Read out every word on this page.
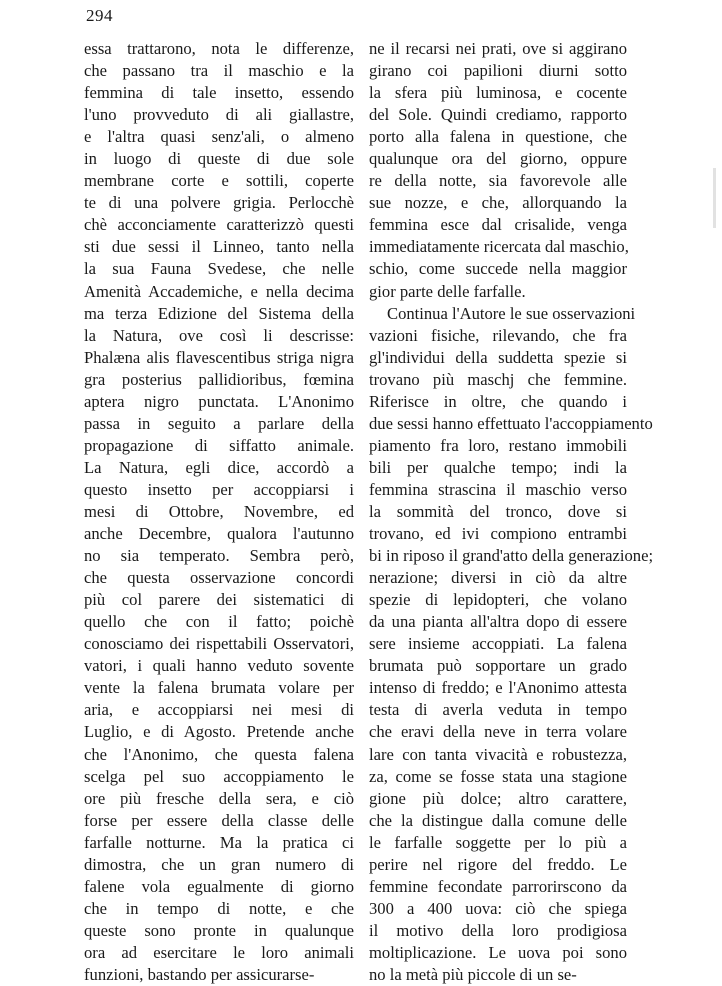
294
essa trattarono, nota le differenze,
che passano tra il maschio e la
femmina di tale insetto, essendo
l'uno provveduto di ali giallastre,
e l'altra quasi senz'ali, o almeno
in luogo di queste di due sole
membrane corte e sottili, coperte
te di una polvere grigia. Perlocchè
chè acconciamente caratterizzò questi
sti due sessi il Linneo, tanto nella
la sua Fauna Svedese, che nelle
Amenità Accademiche, e nella decima
ma terza Edizione del Sistema della
la Natura, ove così li descrisse:
Phalæna alis flavescentibus striga nigra
gra posterius pallidioribus, fœmina
aptera nigro punctata. L'Anonimo
passa in seguito a parlare della
propagazione di siffatto animale.
La Natura, egli dice, accordò a
questo insetto per accoppiarsi i
mesi di Ottobre, Novembre, ed
anche Decembre, qualora l'autunno
no sia temperato. Sembra però,
che questa osservazione concordi
più col parere dei sistematici di
quello che con il fatto; poichè
conosciamo dei rispettabili Osservatori,
vatori, i quali hanno veduto sovente
vente la falena brumata volare per
aria, e accoppiarsi nei mesi di
Luglio, e di Agosto. Pretende anche
che l'Anonimo, che questa falena
scelga pel suo accoppiamento le
ore più fresche della sera, e ciò
forse per essere della classe delle
farfalle notturne. Ma la pratica ci
dimostra, che un gran numero di
falene vola egualmente di giorno
che in tempo di notte, e che
queste sono pronte in qualunque
ora ad esercitare le loro animali
funzioni, bastando per assicurarse-
ne il recarsi nei prati, ove si aggirano
girano coi papilioni diurni sotto
la sfera più luminosa, e cocente
del Sole. Quindi crediamo, rapporto
porto alla falena in questione, che
qualunque ora del giorno, oppure
re della notte, sia favorevole alle
sue nozze, e che, allorquando la
femmina esce dal crisalide, venga
immediatamente ricercata dal maschio,
schio, come succede nella maggior
gior parte delle farfalle.
Continua l'Autore le sue osservazioni
vazioni fisiche, rilevando, che fra
gl'individui della suddetta spezie si
trovano più maschj che femmine.
Riferisce in oltre, che quando i
due sessi hanno effettuato l'accoppiamento
piamento fra loro, restano immobili
bili per qualche tempo; indi la
femmina strascina il maschio verso
la sommità del tronco, dove si
trovano, ed ivi compiono entrambi
bi in riposo il grand'atto della generazione;
nerazione; diversi in ciò da altre
spezie di lepidopteri, che volano
da una pianta all'altra dopo di essere
sere insieme accoppiati. La falena
brumata può sopportare un grado
intenso di freddo; e l'Anonimo attesta
testa di averla veduta in tempo
che eravi della neve in terra volare
lare con tanta vivacità e robustezza,
za, come se fosse stata una stagione
gione più dolce; altro carattere,
che la distingue dalla comune delle
le farfalle soggette per lo più a
perire nel rigore del freddo. Le
femmine fecondate parrorirscono da
300 a 400 uova: ciò che spiega
il motivo della loro prodigiosa
moltiplicazione. Le uova poi sono
no la metà più piccole di un se-
